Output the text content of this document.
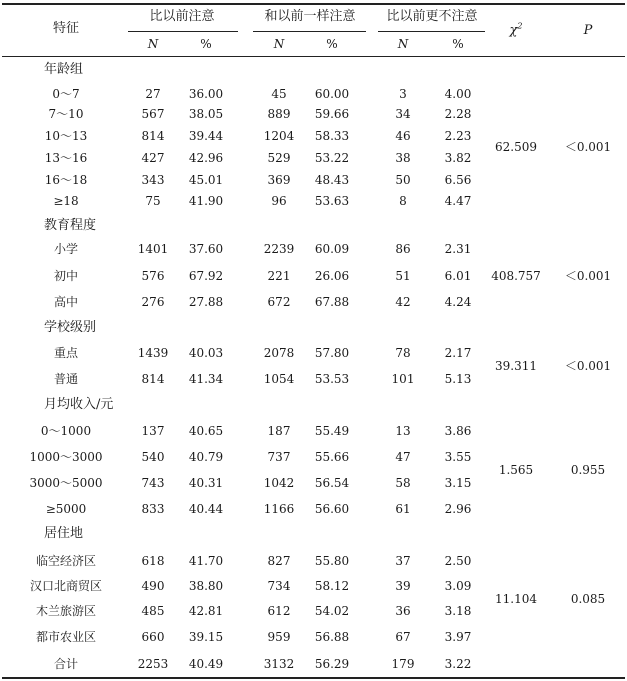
特征
比以前注意	和以前一样注意 比以前更不注意
N	%	N	%	N	%
$\chi^2$	P
年龄组
0～7	27 36.00	45 60.00	3	4.00
7～10	567 38.05	889 59.66	34	2.28
10～13	814 39.44	1204 58.33	46	2.23
13～16	427 42.96	529 53.22	38	3.82
16～18	343 45.01	369 48.43	50	6.56
≥18	75 41.90	96 53.63	8	4.47
62.509 ＜0.001
教育程度
小学	1401 37.60	2239 60.09	86	2.31
初中	576 67.92	221 26.06	51	6.01
高中	276 27.88	672 67.88	42	4.24
408.757 ＜0.001
学校级别
重点	1439 40.03	2078 57.80	78	2.17
普通	814 41.34	1054 53.53	101	5.13
39.311 ＜0.001
月均收入/元
0～1000	137 40.65	187 55.49	13	3.86
1000～3000	540 40.79	737 55.66	47	3.55
3000～5000	743 40.31	1042 56.54	58	3.15
≥5000	833 40.44	1166 56.60	61	2.96
1.565	0.955
居住地
临空经济区	618 41.70	827 55.80	37	2.50
汉口北商贸区	490 38.80	734 58.12	39	3.09
木兰旅游区	485 42.81	612 54.02	36	3.18
都市农业区	660 39.15	959 56.88	67	3.97
11.104	0.085
合计	2253 40.49	3132 56.29	179	3.22
